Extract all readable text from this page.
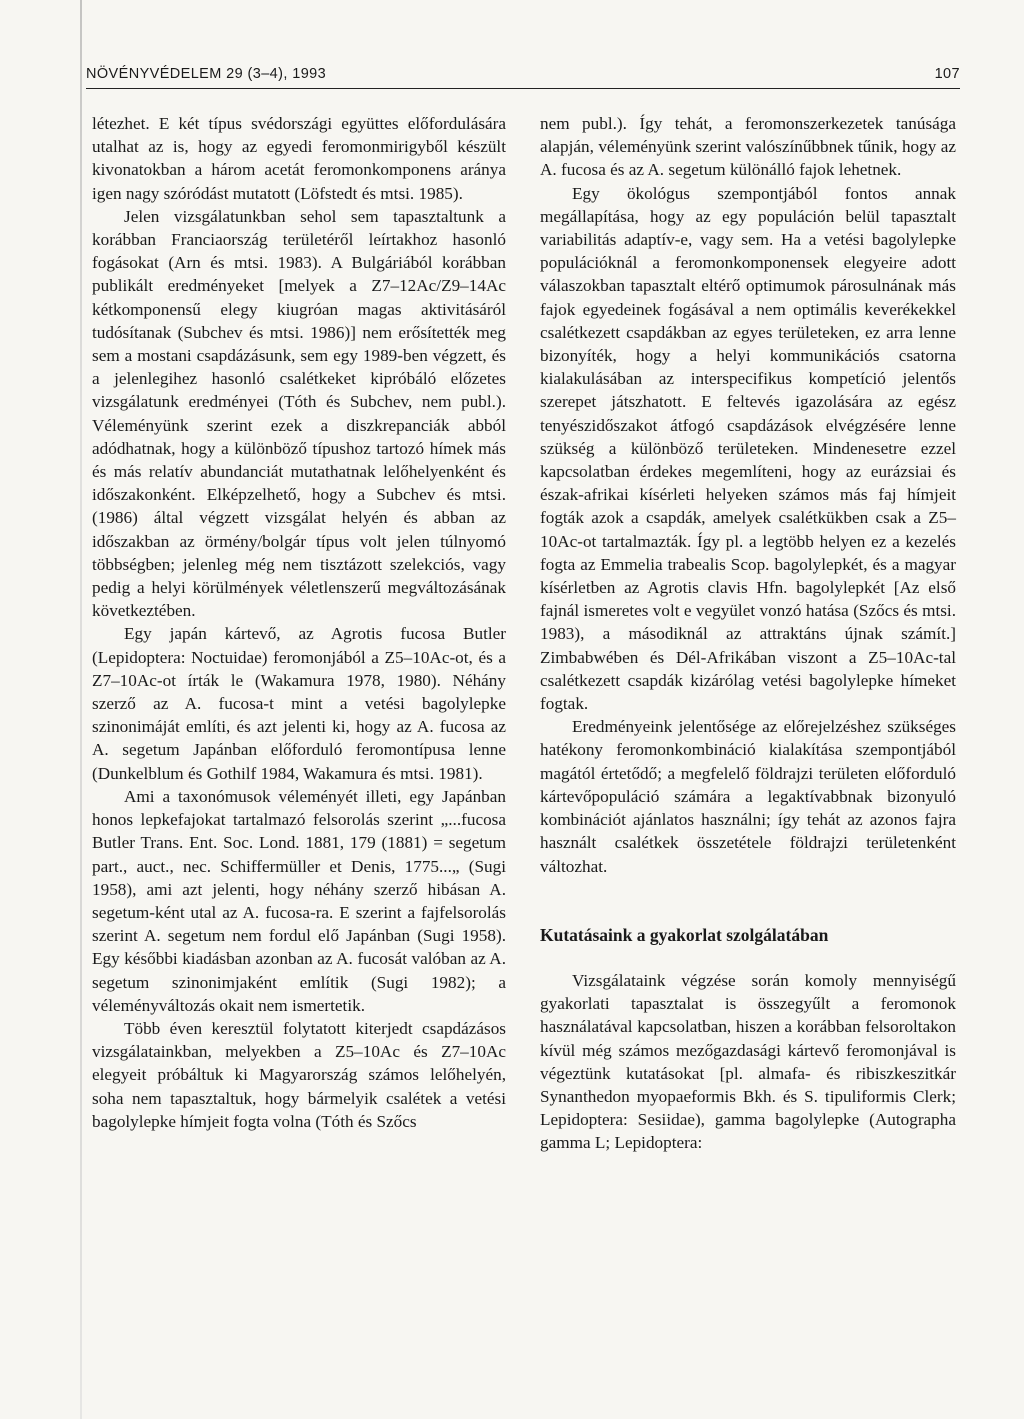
NÖVÉNYVÉDELEM 29 (3–4), 1993	107

létezhet. E két típus svédországi együttes előfordulására utalhat az is, hogy az egyedi feromonmirigyből készült kivonatokban a három acetát feromonkomponens aránya igen nagy szóródást mutatott (Löfstedt és mtsi. 1985).

Jelen vizsgálatunkban sehol sem tapasztaltunk a korábban Franciaország területéről leírtakhoz hasonló fogásokat (Arn és mtsi. 1983). A Bulgáriából korábban publikált eredményeket [melyek a Z7–12Ac/Z9–14Ac kétkomponensű elegy kiugróan magas aktivitásáról tudósítanak (Subchev és mtsi. 1986)] nem erősítették meg sem a mostani csapdázásunk, sem egy 1989-ben végzett, és a jelenlegihez hasonló csalétkeket kipróbáló előzetes vizsgálatunk eredményei (Tóth és Subchev, nem publ.). Véleményünk szerint ezek a diszkrepanciák abból adódhatnak, hogy a különböző típushoz tartozó hímek más és más relatív abundanciát mutathatnak lelőhelyenként és időszakonként. Elképzelhető, hogy a Subchev és mtsi. (1986) által végzett vizsgálat helyén és abban az időszakban az örmény/bolgár típus volt jelen túlnyomó többségben; jelenleg még nem tisztázott szelekciós, vagy pedig a helyi körülmények véletlenszerű megváltozásának következtében.

Egy japán kártevő, az Agrotis fucosa Butler (Lepidoptera: Noctuidae) feromonjából a Z5–10Ac-ot, és a Z7–10Ac-ot írták le (Wakamura 1978, 1980). Néhány szerző az A. fucosa-t mint a vetési bagolylepke szinonimáját említi, és azt jelenti ki, hogy az A. fucosa az A. segetum Japánban előforduló feromontípusa lenne (Dunkelblum és Gothilf 1984, Wakamura és mtsi. 1981).

Ami a taxonómusok véleményét illeti, egy Japánban honos lepkefajokat tartalmazó felsorolás szerint „...fucosa Butler Trans. Ent. Soc. Lond. 1881, 179 (1881) = segetum part., auct., nec. Schiffermüller et Denis, 1775...„ (Sugi 1958), ami azt jelenti, hogy néhány szerző hibásan A. segetum-ként utal az A. fucosa-ra. E szerint a fajfelsorolás szerint A. segetum nem fordul elő Japánban (Sugi 1958). Egy későbbi kiadásban azonban az A. fucosát valóban az A. segetum szinonimjaként említik (Sugi 1982); a véleményváltozás okait nem ismertetik.

Több éven keresztül folytatott kiterjedt csapdázásos vizsgálatainkban, melyekben a Z5–10Ac és Z7–10Ac elegyeit próbáltuk ki Magyarország számos lelőhelyén, soha nem tapasztaltuk, hogy bármelyik csalétek a vetési bagolylepke hímjeit fogta volna (Tóth és Szőcs

nem publ.). Így tehát, a feromonszerkezetek tanúsága alapján, véleményünk szerint valószínűbbnek tűnik, hogy az A. fucosa és az A. segetum különálló fajok lehetnek.

Egy ökológus szempontjából fontos annak megállapítása, hogy az egy populáción belül tapasztalt variabilitás adaptív-e, vagy sem. Ha a vetési bagolylepke populációknál a feromonkomponensek elegyeire adott válaszokban tapasztalt eltérő optimumok párosulnának más fajok egyedeinek fogásával a nem optimális keverékekkel csalétkezett csapdákban az egyes területeken, ez arra lenne bizonyíték, hogy a helyi kommunikációs csatorna kialakulásában az interspecifikus kompetíció jelentős szerepet játszhatott. E feltevés igazolására az egész tenyészidőszakot átfogó csapdázások elvégzésére lenne szükség a különböző területeken. Mindenesetre ezzel kapcsolatban érdekes megemlíteni, hogy az eurázsiai és észak-afrikai kísérleti helyeken számos más faj hímjeit fogták azok a csapdák, amelyek csalétkükben csak a Z5–10Ac-ot tartalmazták. Így pl. a legtöbb helyen ez a kezelés fogta az Emmelia trabealis Scop. bagolylepkét, és a magyar kísérletben az Agrotis clavis Hfn. bagolylepkét [Az első fajnál ismeretes volt e vegyület vonzó hatása (Szőcs és mtsi. 1983), a másodiknál az attraktáns újnak számít.] Zimbabwében és Dél-Afrikában viszont a Z5–10Ac-tal csalétkezett csapdák kizárólag vetési bagolylepke hímeket fogtak.

Eredményeink jelentősége az előrejelzéshez szükséges hatékony feromonkombináció kialakítása szempontjából magától értetődő; a megfelelő földrajzi területen előforduló kártevőpopuláció számára a legaktívabbnak bizonyuló kombinációt ajánlatos használni; így tehát az azonos fajra használt csalétkek összetétele földrajzi területenként változhat.

Kutatásaink a gyakorlat szolgálatában

Vizsgálataink végzése során komoly mennyiségű gyakorlati tapasztalat is összegyűlt a feromonok használatával kapcsolatban, hiszen a korábban felsoroltakon kívül még számos mezőgazdasági kártevő feromonjával is végeztünk kutatásokat [pl. almafa- és ribiszkeszitkár Synanthedon myopaeformis Bkh. és S. tipuliformis Clerk; Lepidoptera: Sesiidae), gamma bagolylepke (Autographa gamma L; Lepidoptera:
